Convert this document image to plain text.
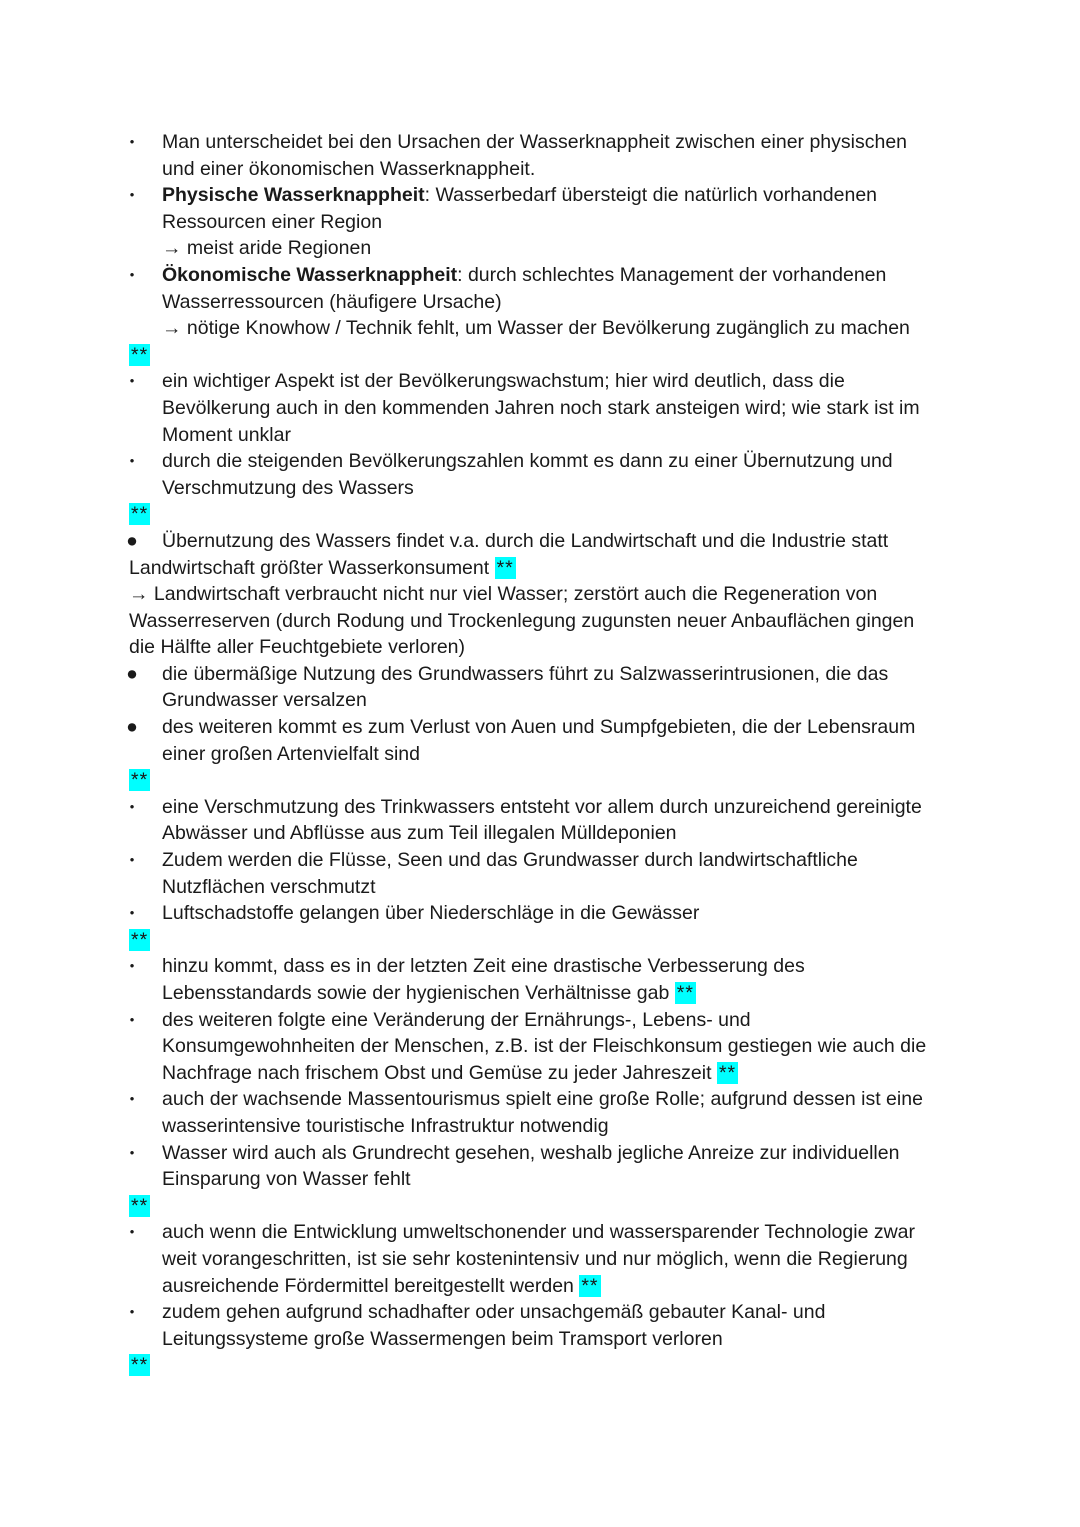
• Man unterscheidet bei den Ursachen der Wasserknappheit zwischen einer physischen
und einer ökonomischen Wasserknappheit.
• Physische Wasserknappheit: Wasserbedarf übersteigt die natürlich vorhandenen
Ressourcen einer Region
→ meist aride Regionen
• Ökonomische Wasserknappheit: durch schlechtes Management der vorhandenen
Wasserressourcen (häufigere Ursache)
→ nötige Knowhow / Technik fehlt, um Wasser der Bevölkerung zugänglich zu machen
**
• ein wichtiger Aspekt ist der Bevölkerungswachstum; hier wird deutlich, dass die
Bevölkerung auch in den kommenden Jahren noch stark ansteigen wird; wie stark ist im
Moment unklar
• durch die steigenden Bevölkerungszahlen kommt es dann zu einer Übernutzung und
Verschmutzung des Wassers
**
● Übernutzung des Wassers findet v.a. durch die Landwirtschaft und die Industrie statt
Landwirtschaft größter Wasserkonsument **
→ Landwirtschaft verbraucht nicht nur viel Wasser; zerstört auch die Regeneration von
Wasserreserven (durch Rodung und Trockenlegung zugunsten neuer Anbauflächen gingen
die Hälfte aller Feuchtgebiete verloren)
● die übermäßige Nutzung des Grundwassers führt zu Salzwasserintrusionen, die das
Grundwasser versalzen
● des weiteren kommt es zum Verlust von Auen und Sumpfgebieten, die der Lebensraum
einer großen Artenvielfalt sind
**
• eine Verschmutzung des Trinkwassers entsteht vor allem durch unzureichend gereinigte
Abwässer und Abflüsse aus zum Teil illegalen Mülldeponien
• Zudem werden die Flüsse, Seen und das Grundwasser durch landwirtschaftliche
Nutzflächen verschmutzt
• Luftschadstoffe gelangen über Niederschläge in die Gewässer
**
• hinzu kommt, dass es in der letzten Zeit eine drastische Verbesserung des
Lebensstandards sowie der hygienischen Verhältnisse gab **
• des weiteren folgte eine Veränderung der Ernährungs-, Lebens- und
Konsumgewohnheiten der Menschen, z.B. ist der Fleischkonsum gestiegen wie auch die
Nachfrage nach frischem Obst und Gemüse zu jeder Jahreszeit **
• auch der wachsende Massentourismus spielt eine große Rolle; aufgrund dessen ist eine
wasserintensive touristische Infrastruktur notwendig
• Wasser wird auch als Grundrecht gesehen, weshalb jegliche Anreize zur individuellen
Einsparung von Wasser fehlt
**
• auch wenn die Entwicklung umweltschonender und wassersparender Technologie zwar
weit vorangeschritten, ist sie sehr kostenintensiv und nur möglich, wenn die Regierung
ausreichende Fördermittel bereitgestellt werden **
• zudem gehen aufgrund schadhafter oder unsachgemäß gebauter Kanal- und
Leitungssysteme große Wassermengen beim Tramsport verloren
**
